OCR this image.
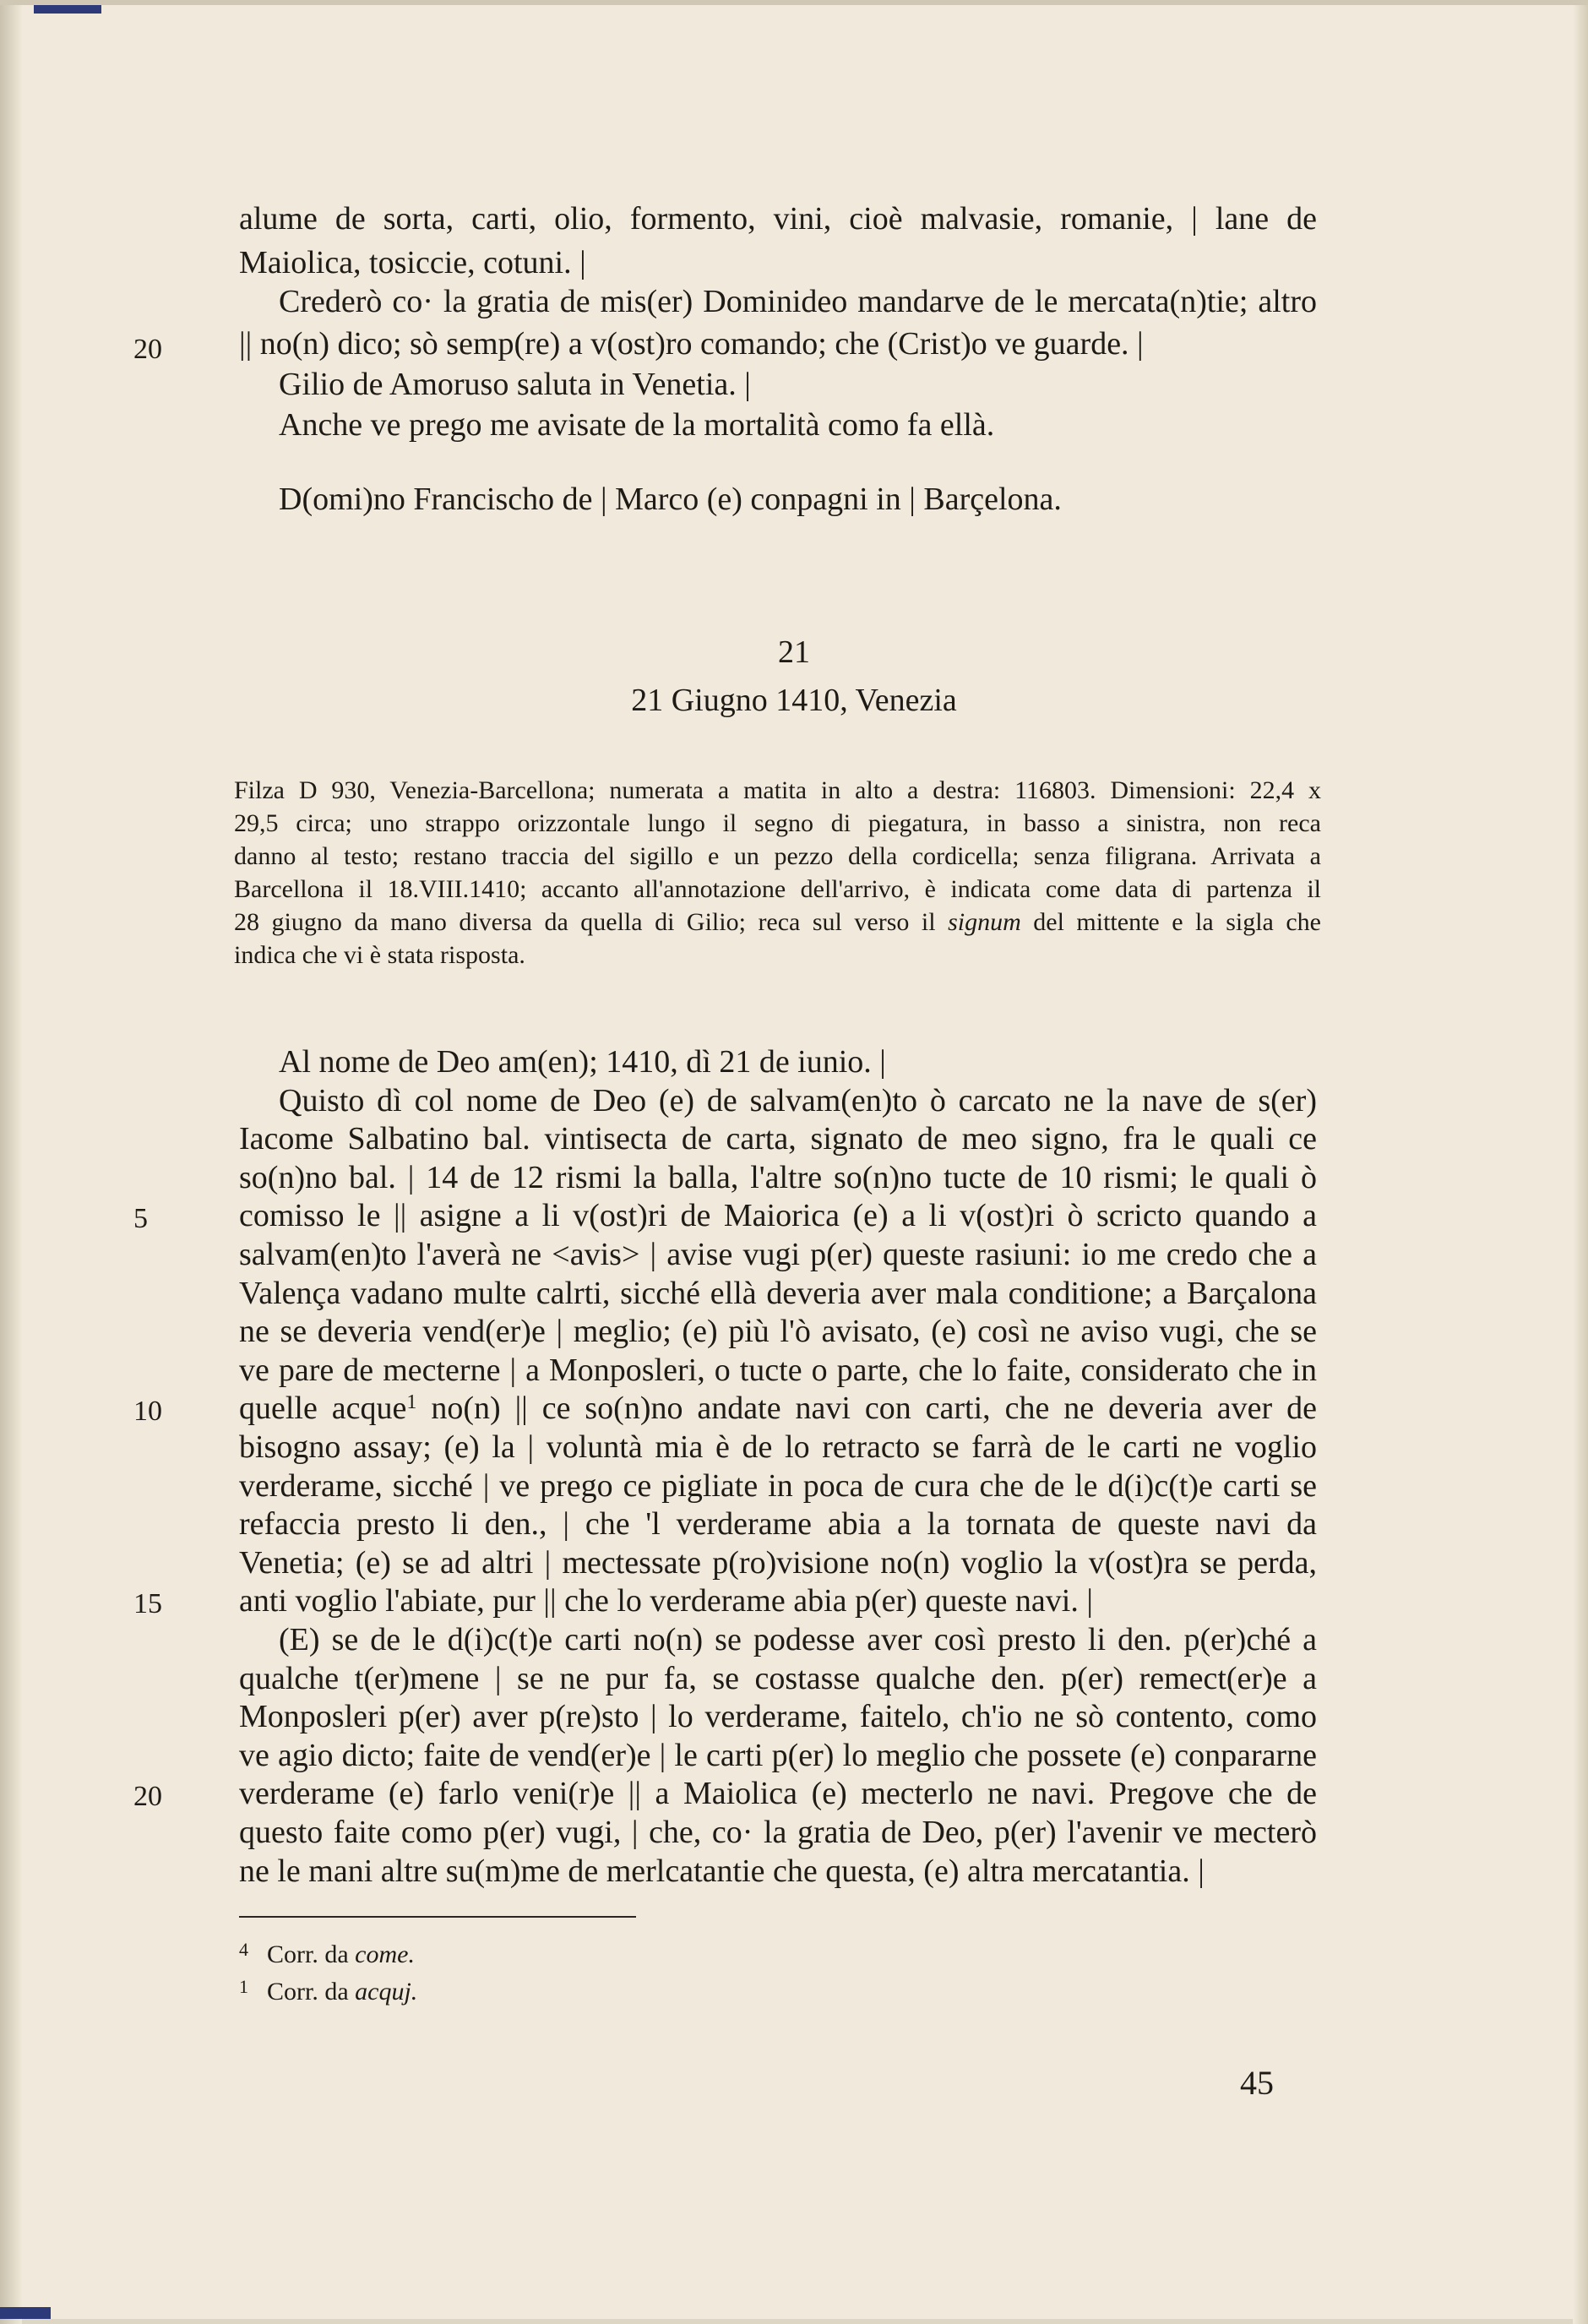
alume de sorta, carti, olio, formento, vini, cioè malvasie, romanie, | lane de
Maiolica, tosiccie, cotuni. |
Crederò co· la gratia de mis(er) Dominideo mandarve de le mercata(n)tie; altro
20 || no(n) dico; sò semp(re) a v(ost)ro comando; che (Crist)o ve guarde. |
Gilio de Amoruso saluta in Venetia. |
Anche ve prego me avisate de la mortalità como fa ellà.
D(omi)no Francischo de | Marco (e) conpagni in | Barçelona.
21
21 Giugno 1410, Venezia
Filza D 930, Venezia-Barcellona; numerata a matita in alto a destra: 116803. Dimensioni: 22,4 x
29,5 circa; uno strappo orizzontale lungo il segno di piegatura, in basso a sinistra, non reca
danno al testo; restano traccia del sigillo e un pezzo della cordicella; senza filigrana. Arrivata a
Barcellona il 18.VIII.1410; accanto all'annotazione dell'arrivo, è indicata come data di partenza il
28 giugno da mano diversa da quella di Gilio; reca sul verso il signum del mittente e la sigla che
indica che vi è stata risposta.
Al nome de Deo am(en); 1410, dì 21 de iunio. |
Quisto dì col nome de Deo (e) de salvam(en)to ò carcato ne la nave de s(er)
Iacome Salbatino bal. vintisecta de carta, signato de meo signo, fra le quali ce
so(n)no bal. | 14 de 12 rismi la balla, l'altre so(n)no tucte de 10 rismi; le quali ò
comisso le || asigne a li v(ost)ri de Maiorica (e) a li v(ost)ri ò scricto quando a
5
salvam(en)to l'averà ne <avis> | avise vugi p(er) queste rasiuni: io me credo che a
Valença vadano multe calrti, sicché ellà deveria aver mala conditione; a Barçalona
ne se deveria vend(er)e | meglio; (e) più l'ò avisato, (e) così ne aviso vugi, che se
ve pare de mecterne | a Monposleri, o tucte o parte, che lo faite, considerato che in
quelle acque$^1$ no(n) || ce so(n)no andate navi con carti, che ne deveria aver de
10
bisogno assay; (e) la | voluntà mia è de lo retracto se farrà de le carti ne voglio
verderame, sicché | ve prego ce pigliate in poca de cura che de le d(i)c(t)e carti se
refaccia presto li den., | che 'l verderame abia a la tornata de queste navi da
Venetia; (e) se ad altri | mectessate p(ro)visione no(n) voglio la v(ost)ra se perda,
anti voglio l'abiate, pur || che lo verderame abia p(er) queste navi. |
15
(E) se de le d(i)c(t)e carti no(n) se podesse aver così presto li den. p(er)ché a
qualche t(er)mene | se ne pur fa, se costasse qualche den. p(er) remect(er)e a
Monposleri p(er) aver p(re)sto | lo verderame, faitelo, ch'io ne sò contento, como
ve agio dicto; faite de vend(er)e | le carti p(er) lo meglio che possete (e) conpararne
verderame (e) farlo veni(r)e || a Maiolica (e) mecterlo ne navi. Pregove che de
20
questo faite como p(er) vugi, | che, co· la gratia de Deo, p(er) l'avenir ve mecterò
ne le mani altre su(m)me de merlcatantie che questa, (e) altra mercatantia. |
$^4$ Corr. da come.
$^1$ Corr. da acquj.
45
